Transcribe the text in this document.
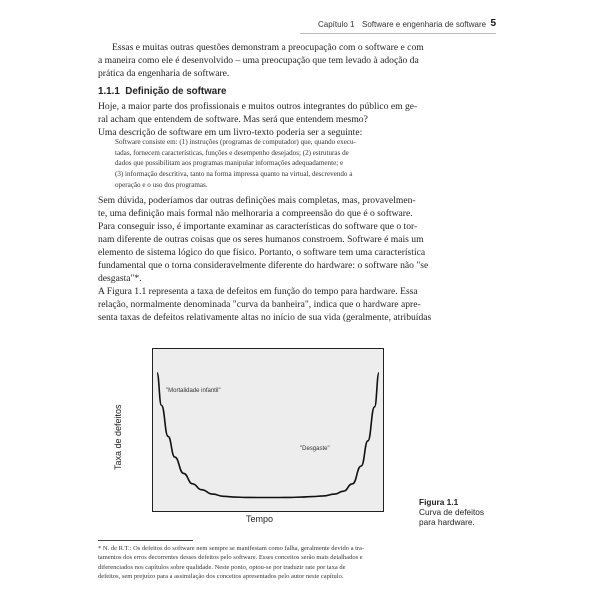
Capítulo 1 Software e engenharia de software 5
Essas e muitas outras questões demonstram a preocupação com o software e com
a maneira como ele é desenvolvido – uma preocupação que tem levado à adoção da
prática da engenharia de software.
1.1.1 Definição de software
Hoje, a maior parte dos profissionais e muitos outros integrantes do público em ge-
ral acham que entendem de software. Mas será que entendem mesmo?
Uma descrição de software em um livro-texto poderia ser a seguinte:
Software consiste em: (1) instruções (programas de computador) que, quando execu-
tadas, fornecem características, funções e desempenho desejados; (2) estruturas de
dados que possibilitam aos programas manipular informações adequadamente; e
(3) informação descritiva, tanto na forma impressa quanto na virtual, descrevendo a
operação e o uso dos programas.
Sem dúvida, poderíamos dar outras definições mais completas, mas, provavelmen-
te, uma definição mais formal não melhoraria a compreensão do que é o software.
Para conseguir isso, é importante examinar as características do software que o tor-
nam diferente de outras coisas que os seres humanos constroem. Software é mais um
elemento de sistema lógico do que físico. Portanto, o software tem uma característica
fundamental que o torna consideravelmente diferente do hardware: o software não "se
desgasta"*.
A Figura 1.1 representa a taxa de defeitos em função do tempo para hardware. Essa
relação, normalmente denominada "curva da banheira", indica que o hardware apre-
senta taxas de defeitos relativamente altas no início de sua vida (geralmente, atribuídas
Taxa de defeitos
Tempo
"Mortalidade infantil"
"Desgaste"
Figura 1.1
Curva de defeitos
para hardware.
* N. de R.T.: Os defeitos do software nem sempre se manifestam como falha, geralmente devido a tra-
tamentos dos erros decorrentes desses defeitos pelo software. Esses conceitos serão mais detalhados e
diferenciados nos capítulos sobre qualidade. Neste ponto, optou-se por traduzir rate por taxa de
defeitos, sem prejuízo para a assimilação dos conceitos apresentados pelo autor neste capítulo.
